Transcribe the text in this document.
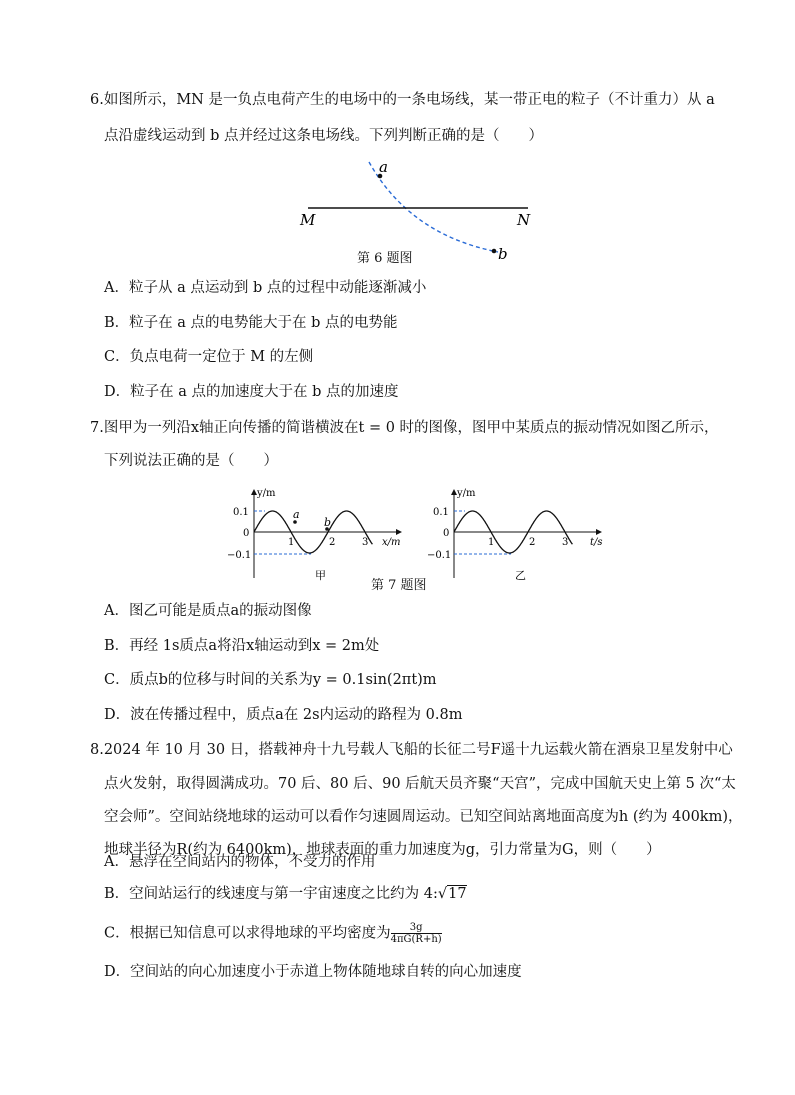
6.如图所示，MN 是一负点电荷产生的电场中的一条电场线，某一带正电的粒子（不计重力）从 a
点沿虚线运动到 b 点并经过这条电场线。下列判断正确的是（　　）
a
b
M	N
第 6 题图
A．粒子从 a 点运动到 b 点的过程中动能逐渐减小
B．粒子在 a 点的电势能大于在 b 点的电势能
C．负点电荷一定位于 M 的左侧
D．粒子在 a 点的加速度大于在 b 点的加速度
7.图甲为一列沿x轴正向传播的简谐横波在t = 0 时的图像，图甲中某质点的振动情况如图乙所示，
下列说法正确的是（　　）
a
b
y/m
x/m
0.1
0
−0.1
1	2	3
甲
y/m
t/s
0.1
0
−0.1
1	2	3
乙
第 7 题图
A．图乙可能是质点a的振动图像
B．再经 1s质点a将沿x轴运动到x = 2m处
C．质点b的位移与时间的关系为y = 0.1sin(2πt)m
D．波在传播过程中，质点a在 2s内运动的路程为 0.8m
8.2024 年 10 月 30 日，搭载神舟十九号载人飞船的长征二号F遥十九运载火箭在酒泉卫星发射中心
点火发射，取得圆满成功。70 后、80 后、90 后航天员齐聚“天宫”，完成中国航天史上第 5 次“太
空会师”。空间站绕地球的运动可以看作匀速圆周运动。已知空间站离地面高度为h (约为 400km)，
地球半径为R(约为 6400km)，地球表面的重力加速度为g，引力常量为G，则（　　）
A．悬浮在空间站内的物体，不受力的作用
B．空间站运行的线速度与第一宇宙速度之比约为 4:√17
C．根据已知信息可以求得地球的平均密度为 $\frac{3g}{4\pi G(R+h)}$
D．空间站的向心加速度小于赤道上物体随地球自转的向心加速度
